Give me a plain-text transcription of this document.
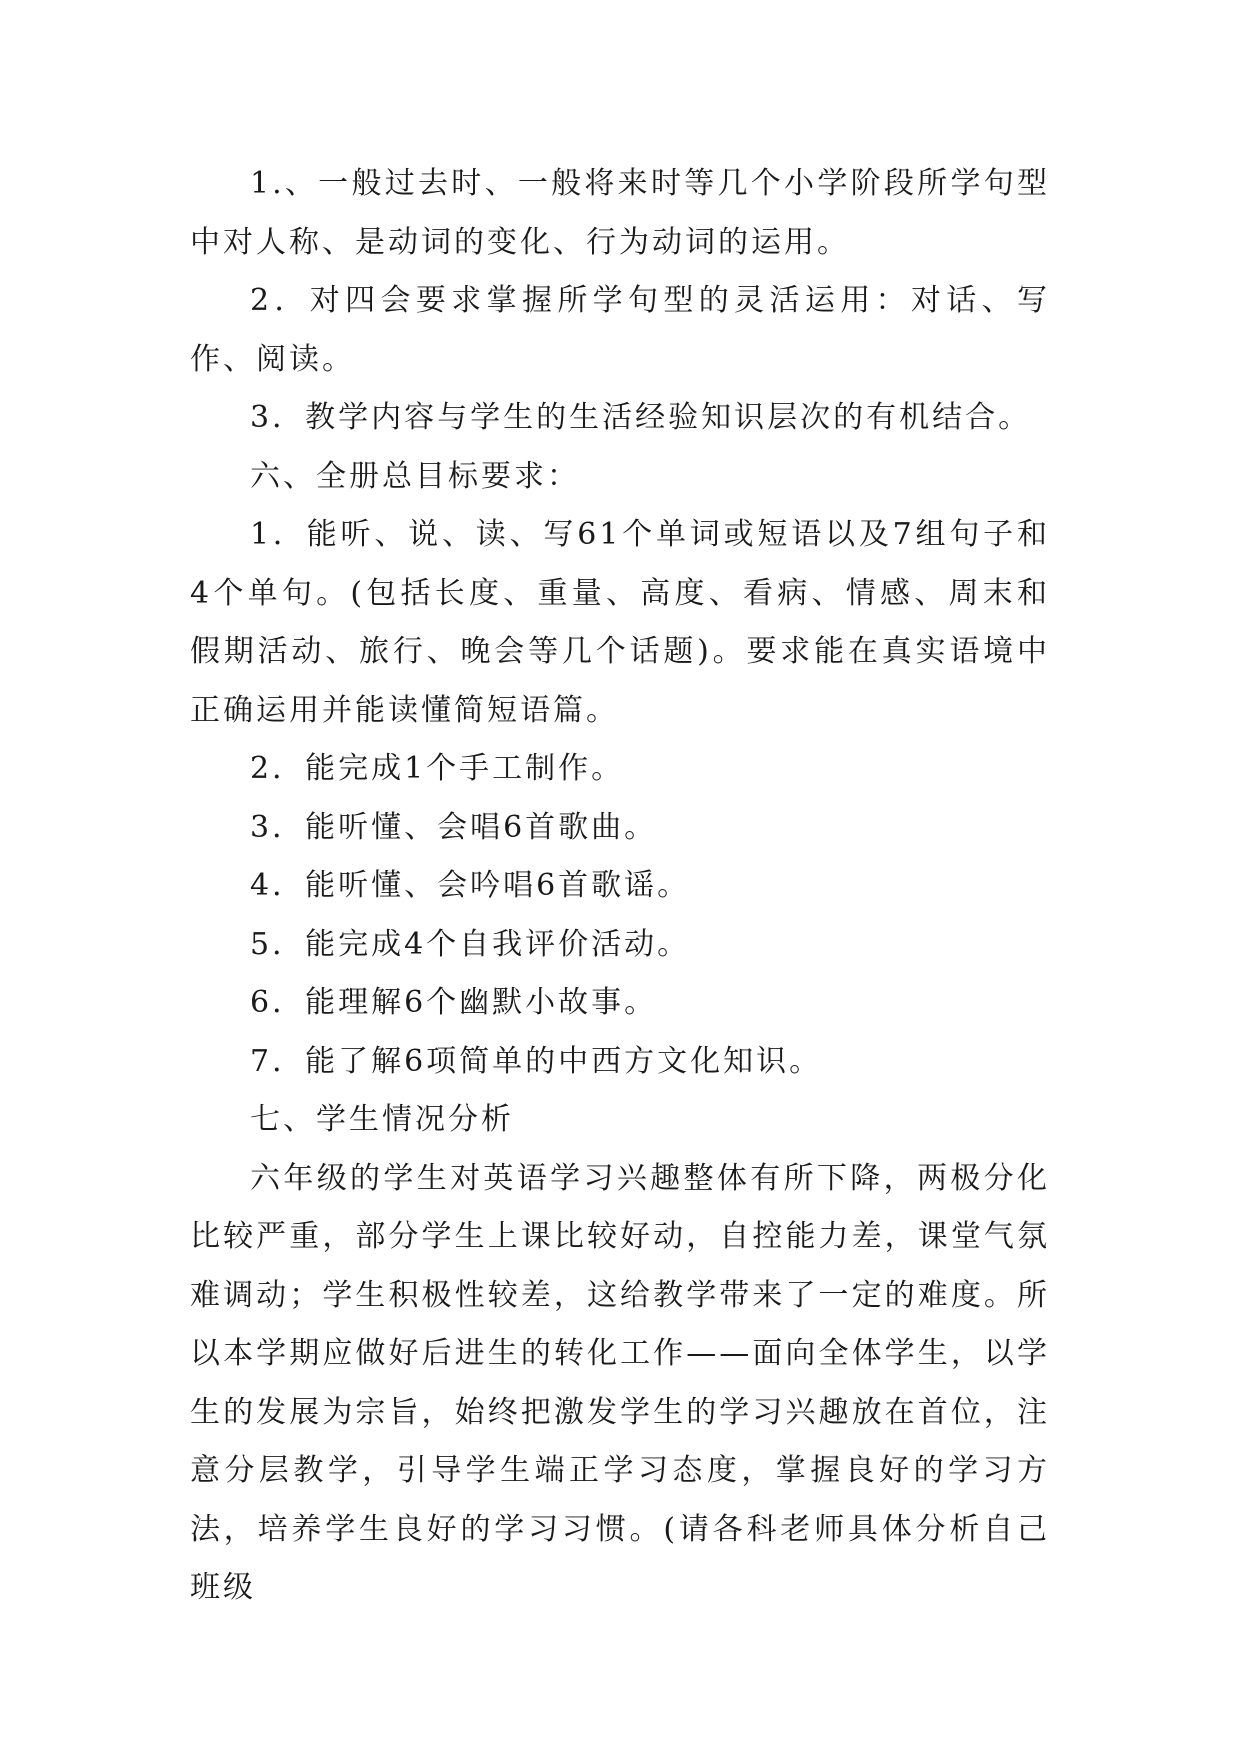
1.、一般过去时、一般将来时等几个小学阶段所学句型中对人称、是动词的变化、行为动词的运用。

2．对四会要求掌握所学句型的灵活运用：对话、写作、阅读。

3．教学内容与学生的生活经验知识层次的有机结合。

六、全册总目标要求：

1．能听、说、读、写61个单词或短语以及7组句子和4个单句。(包括长度、重量、高度、看病、情感、周末和假期活动、旅行、晚会等几个话题)。要求能在真实语境中正确运用并能读懂简短语篇。

2．能完成1个手工制作。

3．能听懂、会唱6首歌曲。

4．能听懂、会吟唱6首歌谣。

5．能完成4个自我评价活动。

6．能理解6个幽默小故事。

7．能了解6项简单的中西方文化知识。

七、学生情况分析

六年级的学生对英语学习兴趣整体有所下降，两极分化比较严重，部分学生上课比较好动，自控能力差，课堂气氛难调动；学生积极性较差，这给教学带来了一定的难度。所以本学期应做好后进生的转化工作——面向全体学生，以学生的发展为宗旨，始终把激发学生的学习兴趣放在首位，注意分层教学，引导学生端正学习态度，掌握良好的学习方法，培养学生良好的学习习惯。(请各科老师具体分析自己班级
